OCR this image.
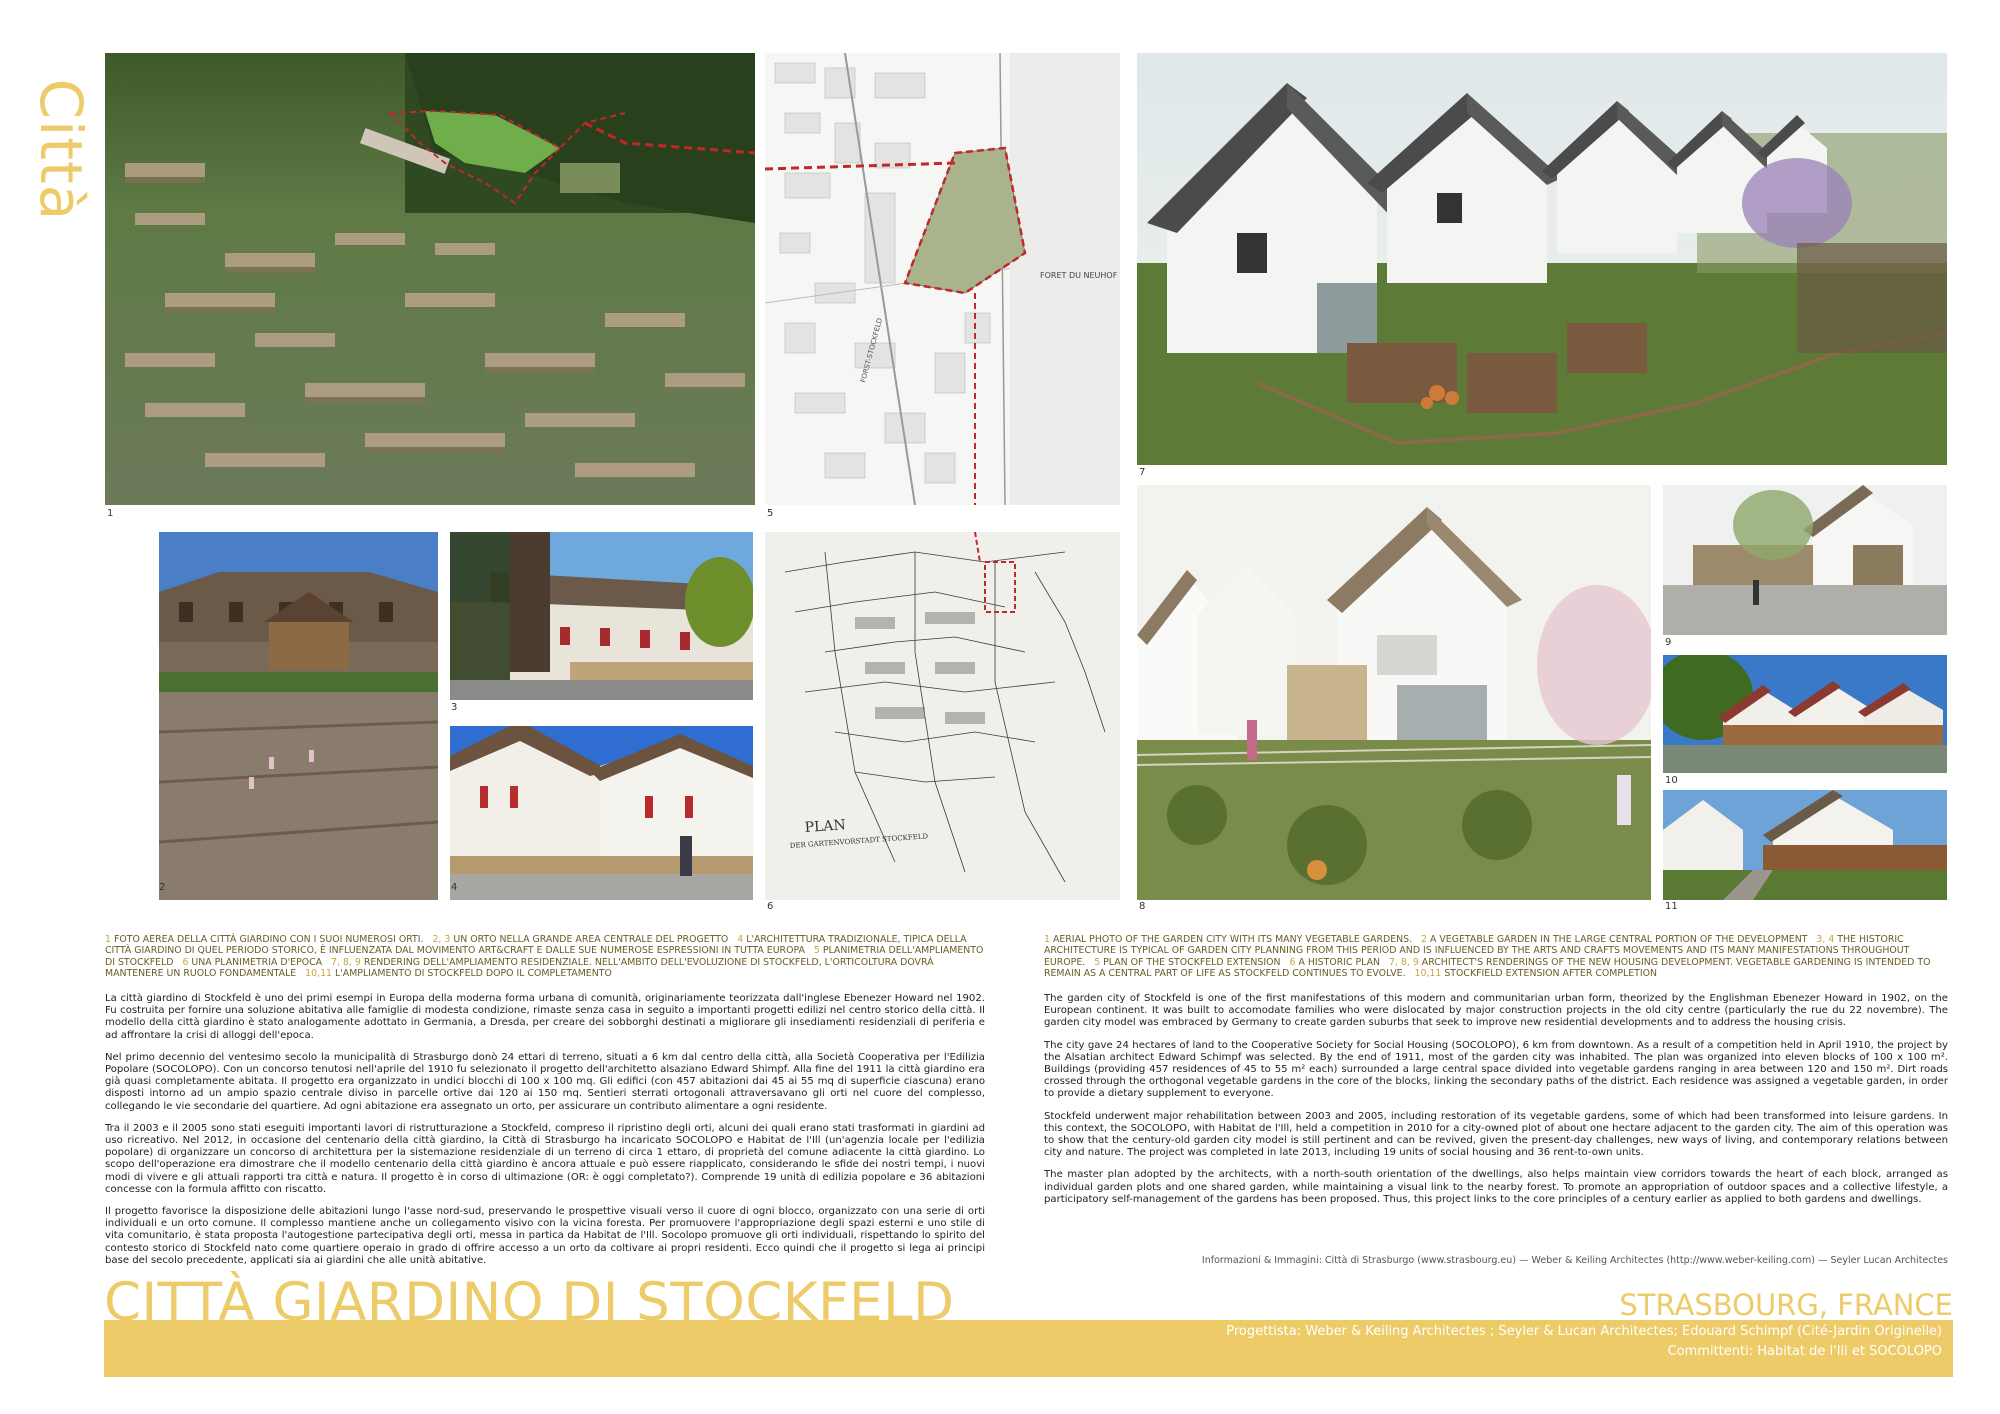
Città
1
FORET DU NEUHOF
FORST-STOCKFELD
5
7
2
3
4
PLAN
DER GARTENVORSTADT STOCKFELD
6	8
9
10
11
1 FOTO AEREA DELLA CITTÀ GIARDINO CON I SUOI NUMEROSI ORTI. 2, 3 UN ORTO NELLA GRANDE AREA CENTRALE DEL PROGETTO 4 L'ARCHITETTURA TRADIZIONALE, TIPICA DELLA CITTÀ GIARDINO DI QUEL PERIODO STORICO, È INFLUENZATA DAL MOVIMENTO ART&CRAFT E DALLE SUE NUMEROSE ESPRESSIONI IN TUTTA EUROPA 5 PLANIMETRIA DELL'AMPLIAMENTO DI STOCKFELD 6 UNA PLANIMETRIA D'EPOCA 7, 8, 9 RENDERING DELL'AMPLIAMENTO RESIDENZIALE. NELL'AMBITO DELL'EVOLUZIONE DI STOCKFELD, L'ORTICOLTURA DOVRÀ MANTENERE UN RUOLO FONDAMENTALE 10,11 L'AMPLIAMENTO DI STOCKFELD DOPO IL COMPLETAMENTO
1 AERIAL PHOTO OF THE GARDEN CITY WITH ITS MANY VEGETABLE GARDENS. 2 A VEGETABLE GARDEN IN THE LARGE CENTRAL PORTION OF THE DEVELOPMENT 3, 4 THE HISTORIC ARCHITECTURE IS TYPICAL OF GARDEN CITY PLANNING FROM THIS PERIOD AND IS INFLUENCED BY THE ARTS AND CRAFTS MOVEMENTS AND ITS MANY MANIFESTATIONS THROUGHOUT EUROPE. 5 PLAN OF THE STOCKFELD EXTENSION 6 A HISTORIC PLAN 7, 8, 9 ARCHITECT'S RENDERINGS OF THE NEW HOUSING DEVELOPMENT. VEGETABLE GARDENING IS INTENDED TO REMAIN AS A CENTRAL PART OF LIFE AS STOCKFELD CONTINUES TO EVOLVE. 10,11 STOCKFIELD EXTENSION AFTER COMPLETION

La città giardino di Stockfeld è uno dei primi esempi in Europa della moderna forma urbana di comunità, originariamente teorizzata dall'inglese Ebenezer Howard nel 1902. Fu costruita per fornire una soluzione abitativa alle famiglie di modesta condizione, rimaste senza casa in seguito a importanti progetti edilizi nel centro storico della città. Il modello della città giardino è stato analogamente adottato in Germania, a Dresda, per creare dei sobborghi destinati a migliorare gli insediamenti residenziali di periferia e ad affrontare la crisi di alloggi dell'epoca.

Nel primo decennio del ventesimo secolo la municipalità di Strasburgo donò 24 ettari di terreno, situati a 6 km dal centro della città, alla Società Cooperativa per l'Edilizia Popolare (SOCOLOPO). Con un concorso tenutosi nell'aprile del 1910 fu selezionato il progetto dell'architetto alsaziano Edward Shimpf. Alla fine del 1911 la città giardino era già quasi completamente abitata. Il progetto era organizzato in undici blocchi di 100 x 100 mq. Gli edifici (con 457 abitazioni dai 45 ai 55 mq di superficie ciascuna) erano disposti intorno ad un ampio spazio centrale diviso in parcelle ortive dai 120 ai 150 mq. Sentieri sterrati ortogonali attraversavano gli orti nel cuore del complesso, collegando le vie secondarie del quartiere. Ad ogni abitazione era assegnato un orto, per assicurare un contributo alimentare a ogni residente.

Tra il 2003 e il 2005 sono stati eseguiti importanti lavori di ristrutturazione a Stockfeld, compreso il ripristino degli orti, alcuni dei quali erano stati trasformati in giardini ad uso ricreativo. Nel 2012, in occasione del centenario della città giardino, la Città di Strasburgo ha incaricato SOCOLOPO e Habitat de l'Ill (un'agenzia locale per l'edilizia popolare) di organizzare un concorso di architettura per la sistemazione residenziale di un terreno di circa 1 ettaro, di proprietà del comune adiacente la città giardino. Lo scopo dell'operazione era dimostrare che il modello centenario della città giardino è ancora attuale e può essere riapplicato, considerando le sfide dei nostri tempi, i nuovi modi di vivere e gli attuali rapporti tra città e natura. Il progetto è in corso di ultimazione (OR: è oggi completato?). Comprende 19 unità di edilizia popolare e 36 abitazioni concesse con la formula affitto con riscatto.

Il progetto favorisce la disposizione delle abitazioni lungo l'asse nord-sud, preservando le prospettive visuali verso il cuore di ogni blocco, organizzato con una serie di orti individuali e un orto comune. Il complesso mantiene anche un collegamento visivo con la vicina foresta. Per promuovere l'appropriazione degli spazi esterni e uno stile di vita comunitario, è stata proposta l'autogestione partecipativa degli orti, messa in partica da Habitat de l'Ill. Socolopo promuove gli orti individuali, rispettando lo spirito del contesto storico di Stockfeld nato come quartiere operaio in grado di offrire accesso a un orto da coltivare ai propri residenti. Ecco quindi che il progetto si lega ai principi base del secolo precedente, applicati sia ai giardini che alle unità abitative.

The garden city of Stockfeld is one of the first manifestations of this modern and communitarian urban form, theorized by the Englishman Ebenezer Howard in 1902, on the European continent. It was built to accomodate families who were dislocated by major construction projects in the old city centre (particularly the rue du 22 novembre). The garden city model was embraced by Germany to create garden suburbs that seek to improve new residential developments and to address the housing crisis.

The city gave 24 hectares of land to the Cooperative Society for Social Housing (SOCOLOPO), 6 km from downtown. As a result of a competition held in April 1910, the project by the Alsatian architect Edward Schimpf was selected. By the end of 1911, most of the garden city was inhabited. The plan was organized into eleven blocks of 100 x 100 m². Buildings (providing 457 residences of 45 to 55 m² each) surrounded a large central space divided into vegetable gardens ranging in area between 120 and 150 m². Dirt roads crossed through the orthogonal vegetable gardens in the core of the blocks, linking the secondary paths of the district. Each residence was assigned a vegetable garden, in order to provide a dietary supplement to everyone.

Stockfeld underwent major rehabilitation between 2003 and 2005, including restoration of its vegetable gardens, some of which had been transformed into leisure gardens. In this context, the SOCOLOPO, with Habitat de l'Ill, held a competition in 2010 for a city-owned plot of about one hectare adjacent to the garden city. The aim of this operation was to show that the century-old garden city model is still pertinent and can be revived, given the present-day challenges, new ways of living, and contemporary relations between city and nature. The project was completed in late 2013, including 19 units of social housing and 36 rent-to-own units.

The master plan adopted by the architects, with a north-south orientation of the dwellings, also helps maintain view corridors towards the heart of each block, arranged as individual garden plots and one shared garden, while maintaining a visual link to the nearby forest. To promote an appropriation of outdoor spaces and a collective lifestyle, a participatory self-management of the gardens has been proposed. Thus, this project links to the core principles of a century earlier as applied to both gardens and dwellings.

Informazioni & Immagini: Città di Strasburgo (www.strasbourg.eu) — Weber & Keiling Architectes (http://www.weber-keiling.com) — Seyler Lucan Architectes
CITTÀ GIARDINO DI STOCKFELD	STRASBOURG, FRANCE
Progettista: Weber & Keiling Architectes ; Seyler & Lucan Architectes; Edouard Schimpf (Cité-Jardin Originelle)
Committenti: Habitat de l'Ill et SOCOLOPO
